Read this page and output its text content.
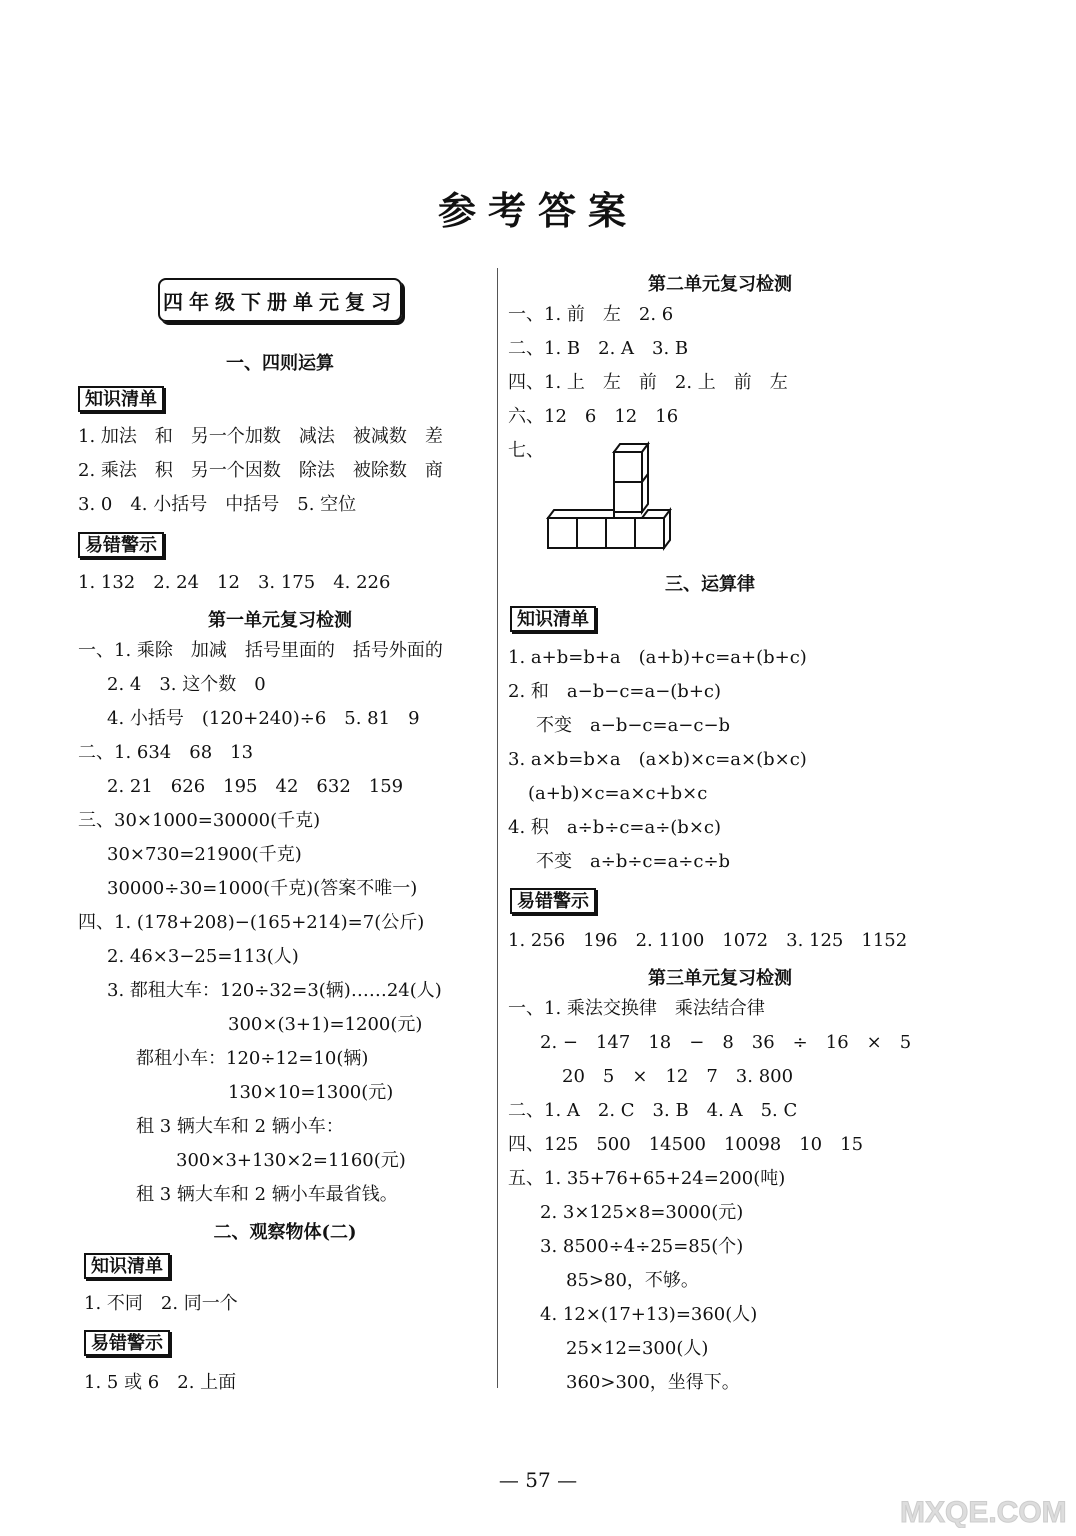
参考答案
四年级下册单元复习
一、四则运算
知识清单
1. 加法　和　另一个加数　减法　被减数　差
2. 乘法　积　另一个因数　除法　被除数　商
3. 0　4. 小括号　中括号　5. 空位
易错警示
1. 132　2. 24　12　3. 175　4. 226
第一单元复习检测
一、1. 乘除　加减　括号里面的　括号外面的
2. 4　3. 这个数　0
4. 小括号　(120+240)÷6　5. 81　9
二、1. 634　68　13
2. 21　626　195　42　632　159
三、30×1000=30000(千克)
30×730=21900(千克)
30000÷30=1000(千克)(答案不唯一)
四、1. (178+208)−(165+214)=7(公斤)
2. 46×3−25=113(人)
3. 都租大车：120÷32=3(辆)……24(人)
300×(3+1)=1200(元)
都租小车：120÷12=10(辆)
130×10=1300(元)
租 3 辆大车和 2 辆小车：
300×3+130×2=1160(元)
租 3 辆大车和 2 辆小车最省钱。
二、观察物体(二)
知识清单
1. 不同　2. 同一个
易错警示
1. 5 或 6　2. 上面
第二单元复习检测
一、1. 前　左　2. 6
二、1. B　2. A　3. B
四、1. 上　左　前　2. 上　前　左
六、12　6　12　16
七、
三、运算律
知识清单
1. a+b=b+a　(a+b)+c=a+(b+c)
2. 和　a−b−c=a−(b+c)
不变　a−b−c=a−c−b
3. a×b=b×a　(a×b)×c=a×(b×c)
(a+b)×c=a×c+b×c
4. 积　a÷b÷c=a÷(b×c)
不变　a÷b÷c=a÷c÷b
易错警示
1. 256　196　2. 1100　1072　3. 125　1152
第三单元复习检测
一、1. 乘法交换律　乘法结合律
2. −　147　18　−　8　36　÷　16　×　5
20　5　×　12　7　3. 800
二、1. A　2. C　3. B　4. A　5. C
四、125　500　14500　10098　10　15
五、1. 35+76+65+24=200(吨)
2. 3×125×8=3000(元)
3. 8500÷4÷25=85(个)
85>80，不够。
4. 12×(17+13)=360(人)
25×12=300(人)
360>300，坐得下。
— 57 —
MXQE.COM
